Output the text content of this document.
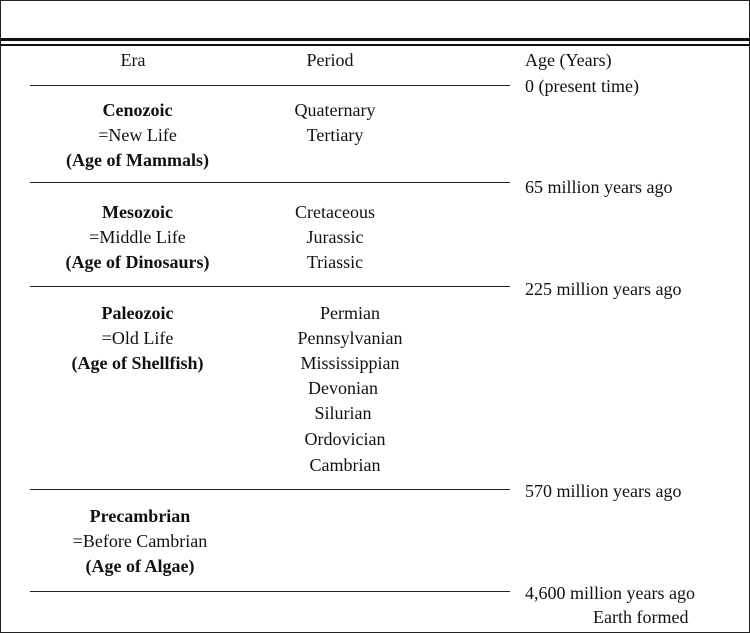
Era	Period	Age (Years)
0 (present time)
65 million years ago
225 million years ago
570 million years ago
4,600 million years ago
Earth formed
Cenozoic
=New Life
(Age of Mammals)
Quaternary
Tertiary
Mesozoic
=Middle Life
(Age of Dinosaurs)
Cretaceous
Jurassic
Triassic
Paleozoic
=Old Life
(Age of Shellfish)
Permian
Pennsylvanian
Mississippian
Devonian
Silurian
Ordovician
Cambrian
Precambrian
=Before Cambrian
(Age of Algae)
